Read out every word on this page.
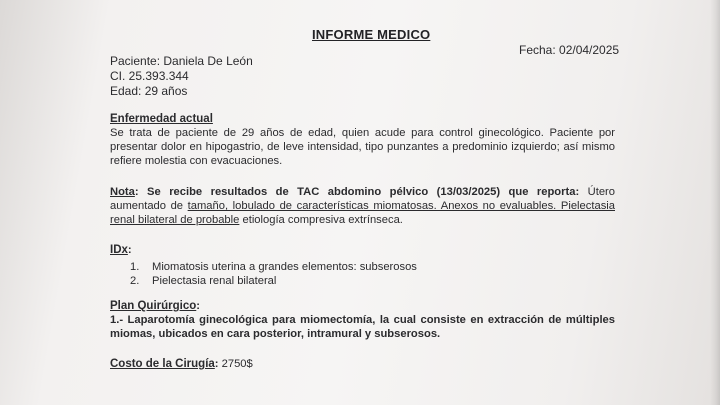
INFORME MEDICO
Fecha: 02/04/2025
Paciente: Daniela De León
CI. 25.393.344
Edad: 29 años
Enfermedad actual
Se trata de paciente de 29 años de edad, quien acude para control ginecológico. Paciente por presentar dolor en hipogastrio, de leve intensidad, tipo punzantes a predominio izquierdo; así mismo refiere molestia con evacuaciones.
Nota: Se recibe resultados de TAC abdomino pélvico (13/03/2025) que reporta: Útero aumentado de tamaño, lobulado de características miomatosas. Anexos no evaluables. Pielectasia renal bilateral de probable etiología compresiva extrínseca.
IDx:
1. Miomatosis uterina a grandes elementos: subserosos
2. Pielectasia renal bilateral
Plan Quirúrgico:
1.- Laparotomía ginecológica para miomectomía, la cual consiste en extracción de múltiples miomas, ubicados en cara posterior, intramural y subserosos.
Costo de la Cirugía: 2750$
